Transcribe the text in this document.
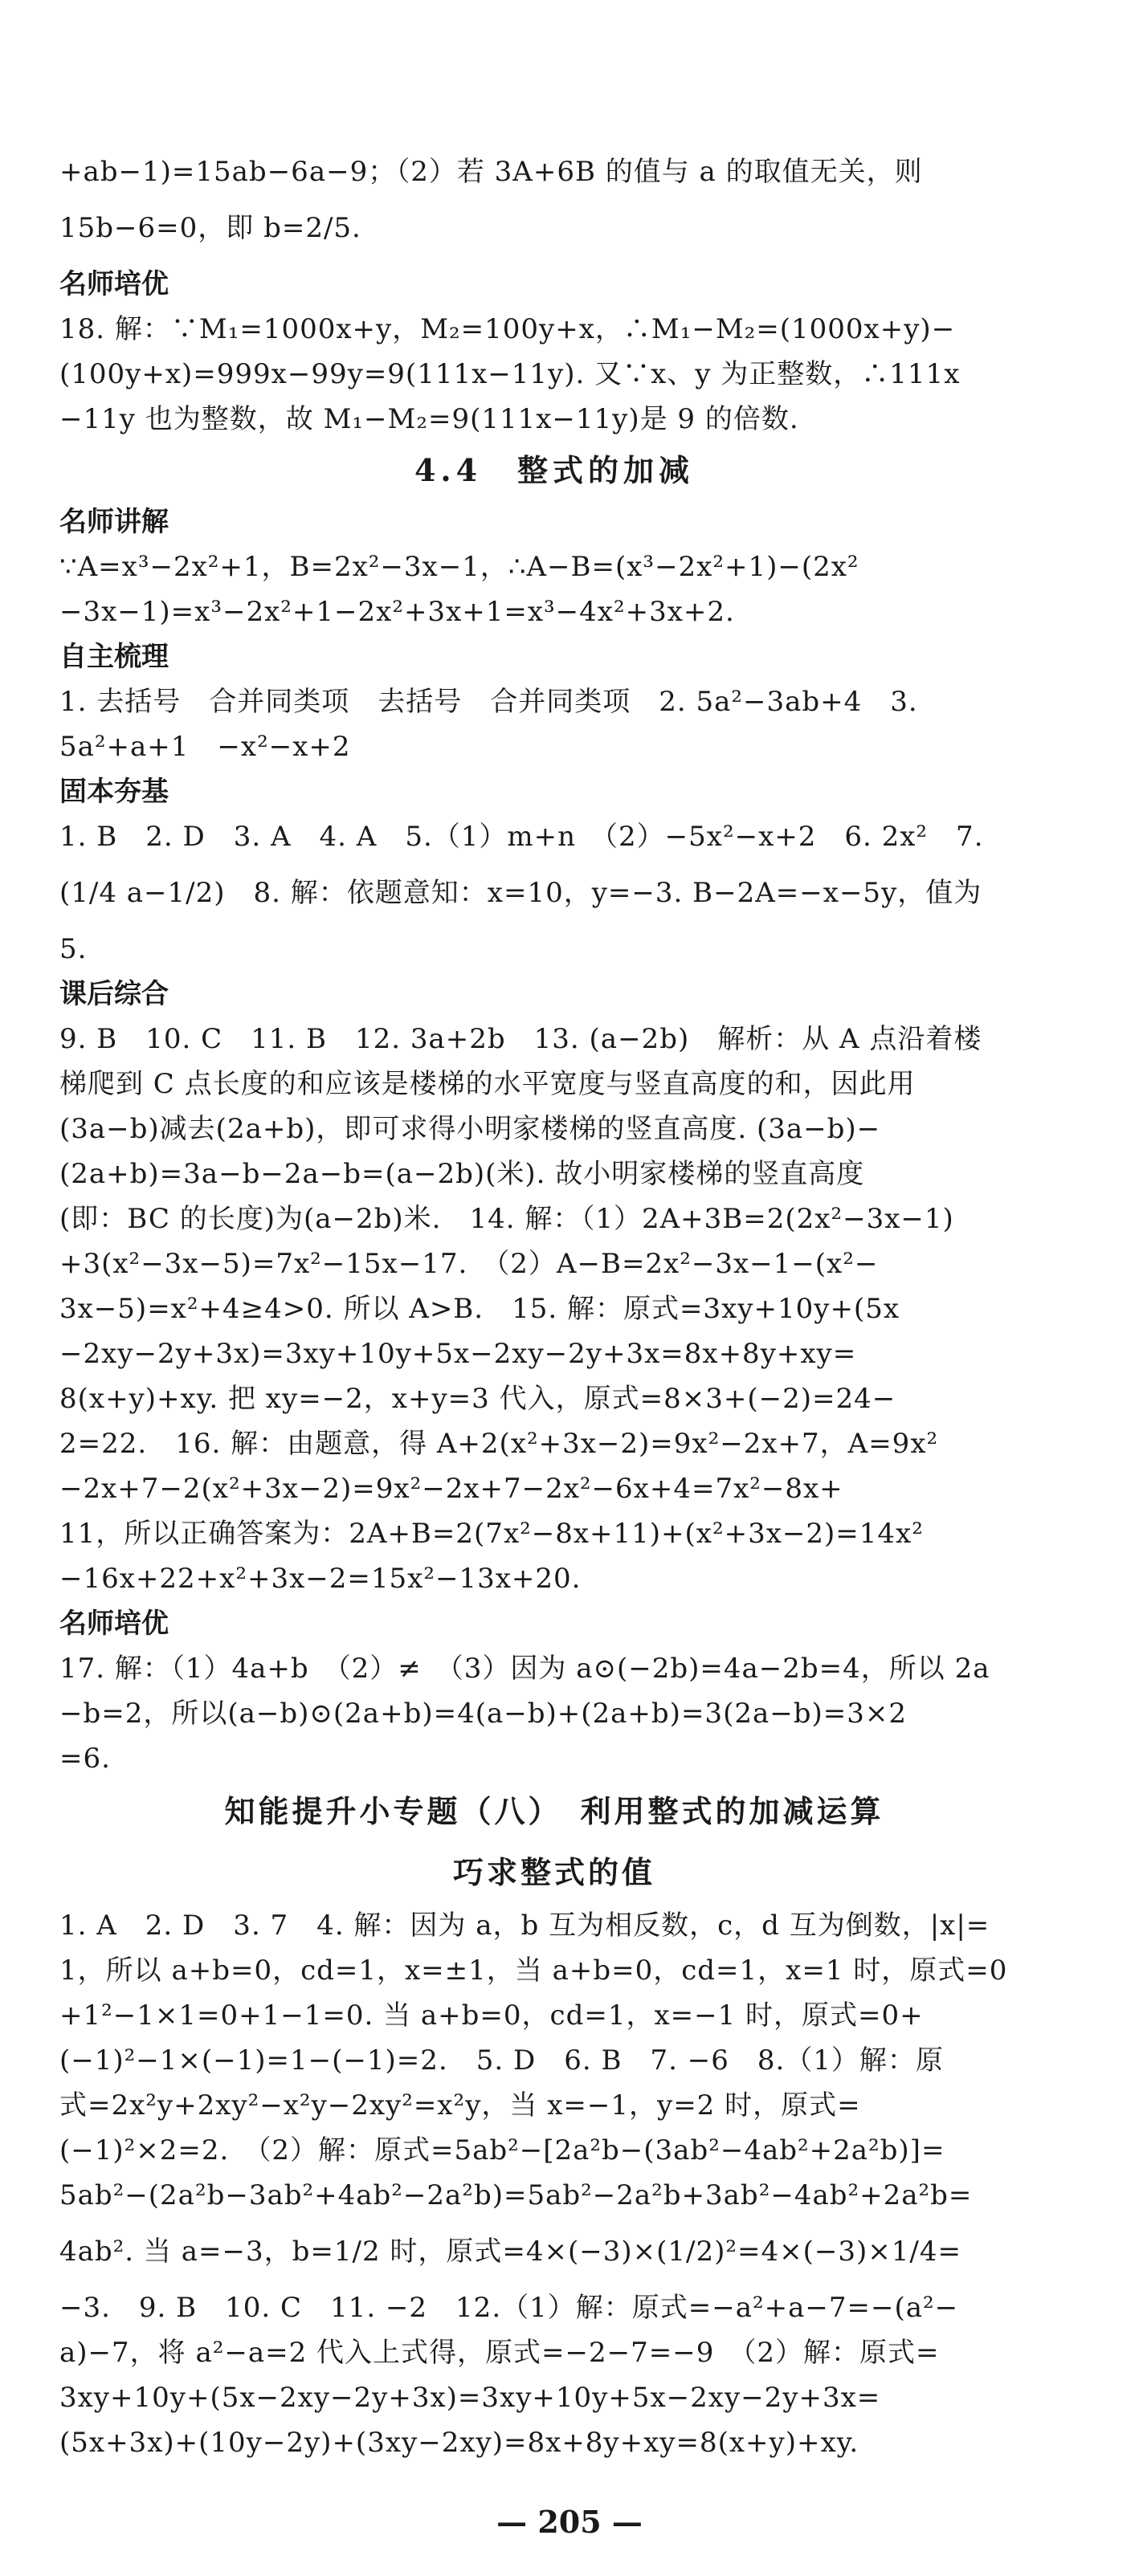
+ab−1)=15ab−6a−9；（2）若 3A+6B 的值与 a 的取值无关，则
15b−6=0，即 b=2/5.
名师培优
18. 解：∵M₁=1000x+y，M₂=100y+x，∴M₁−M₂=(1000x+y)−
(100y+x)=999x−99y=9(111x−11y). 又∵x、y 为正整数，∴111x
−11y 也为整数，故 M₁−M₂=9(111x−11y)是 9 的倍数.
4.4　整式的加减
名师讲解
∵A=x³−2x²+1，B=2x²−3x−1，∴A−B=(x³−2x²+1)−(2x²
−3x−1)=x³−2x²+1−2x²+3x+1=x³−4x²+3x+2.
自主梳理
1. 去括号　合并同类项　去括号　合并同类项　2. 5a²−3ab+4　3.
5a²+a+1　−x²−x+2
固本夯基
1. B　2. D　3. A　4. A　5.（1）m+n　（2）−5x²−x+2　6. 2x²　7.
(1/4 a−1/2)　8. 解：依题意知：x=10，y=−3. B−2A=−x−5y，值为
5.
课后综合
9. B　10. C　11. B　12. 3a+2b　13. (a−2b)　解析：从 A 点沿着楼
梯爬到 C 点长度的和应该是楼梯的水平宽度与竖直高度的和，因此用
(3a−b)减去(2a+b)，即可求得小明家楼梯的竖直高度. (3a−b)−
(2a+b)=3a−b−2a−b=(a−2b)(米). 故小明家楼梯的竖直高度
(即：BC 的长度)为(a−2b)米.　14. 解：（1）2A+3B=2(2x²−3x−1)
+3(x²−3x−5)=7x²−15x−17.　（2）A−B=2x²−3x−1−(x²−
3x−5)=x²+4≥4>0. 所以 A>B.　15. 解：原式=3xy+10y+(5x
−2xy−2y+3x)=3xy+10y+5x−2xy−2y+3x=8x+8y+xy=
8(x+y)+xy. 把 xy=−2，x+y=3 代入，原式=8×3+(−2)=24−
2=22.　16. 解：由题意，得 A+2(x²+3x−2)=9x²−2x+7，A=9x²
−2x+7−2(x²+3x−2)=9x²−2x+7−2x²−6x+4=7x²−8x+
11，所以正确答案为：2A+B=2(7x²−8x+11)+(x²+3x−2)=14x²
−16x+22+x²+3x−2=15x²−13x+20.
名师培优
17. 解：（1）4a+b　（2）≠　（3）因为 a⊙(−2b)=4a−2b=4，所以 2a
−b=2，所以(a−b)⊙(2a+b)=4(a−b)+(2a+b)=3(2a−b)=3×2
=6.
知能提升小专题（八）　利用整式的加减运算
巧求整式的值
1. A　2. D　3. 7　4. 解：因为 a，b 互为相反数，c，d 互为倒数，|x|=
1，所以 a+b=0，cd=1，x=±1，当 a+b=0，cd=1，x=1 时，原式=0
+1²−1×1=0+1−1=0. 当 a+b=0，cd=1，x=−1 时，原式=0+
(−1)²−1×(−1)=1−(−1)=2.　5. D　6. B　7. −6　8.（1）解：原
式=2x²y+2xy²−x²y−2xy²=x²y，当 x=−1，y=2 时，原式=
(−1)²×2=2.　（2）解：原式=5ab²−[2a²b−(3ab²−4ab²+2a²b)]=
5ab²−(2a²b−3ab²+4ab²−2a²b)=5ab²−2a²b+3ab²−4ab²+2a²b=
4ab². 当 a=−3，b=1/2 时，原式=4×(−3)×(1/2)²=4×(−3)×1/4=
−3.　9. B　10. C　11. −2　12.（1）解：原式=−a²+a−7=−(a²−
a)−7，将 a²−a=2 代入上式得，原式=−2−7=−9　（2）解：原式=
3xy+10y+(5x−2xy−2y+3x)=3xy+10y+5x−2xy−2y+3x=
(5x+3x)+(10y−2y)+(3xy−2xy)=8x+8y+xy=8(x+y)+xy.
— 205 —
